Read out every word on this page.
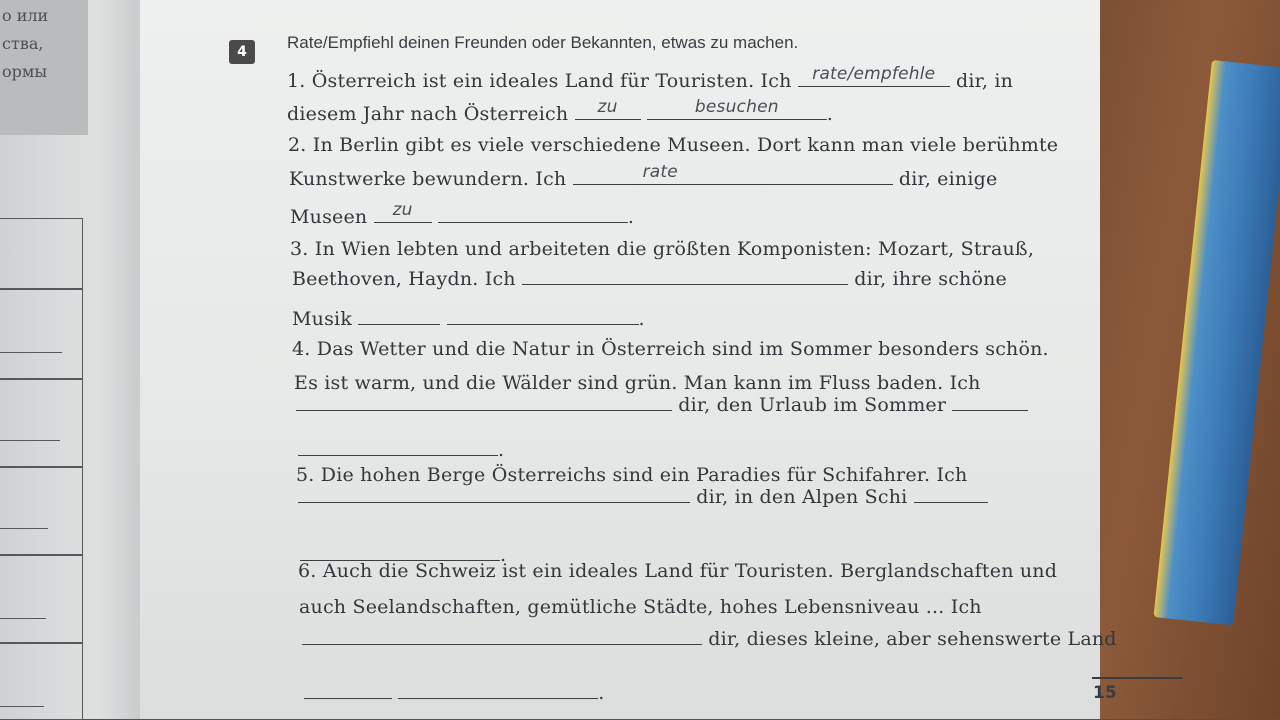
о или
ства,
ормы
4	Rate/Empfiehl deinen Freunden oder Bekannten, etwas zu machen.
1. Österreich ist ein ideales Land für Touristen. Ich	rate/empfehle	dir, in
diesem Jahr nach Österreich	zu
	besuchen	.
2. In Berlin gibt es viele verschiedene Museen. Dort kann man viele berühmte
Kunstwerke bewundern. Ich	rate	dir, einige
Museen	zu	.
3. In Wien lebten und arbeiteten die größten Komponisten: Mozart, Strauß,
Beethoven, Haydn. Ich	dir, ihre schöne
Musik	.
4. Das Wetter und die Natur in Österreich sind im Sommer besonders schön.
Es ist warm, und die Wälder sind grün. Man kann im Fluss baden. Ich
dir, den Urlaub im Sommer
.
5. Die hohen Berge Österreichs sind ein Paradies für Schifahrer. Ich
dir, in den Alpen Schi
.
6. Auch die Schweiz ist ein ideales Land für Touristen. Berglandschaften und
auch Seelandschaften, gemütliche Städte, hohes Lebensniveau ... Ich
dir, dieses kleine, aber sehenswerte Land
.	15
